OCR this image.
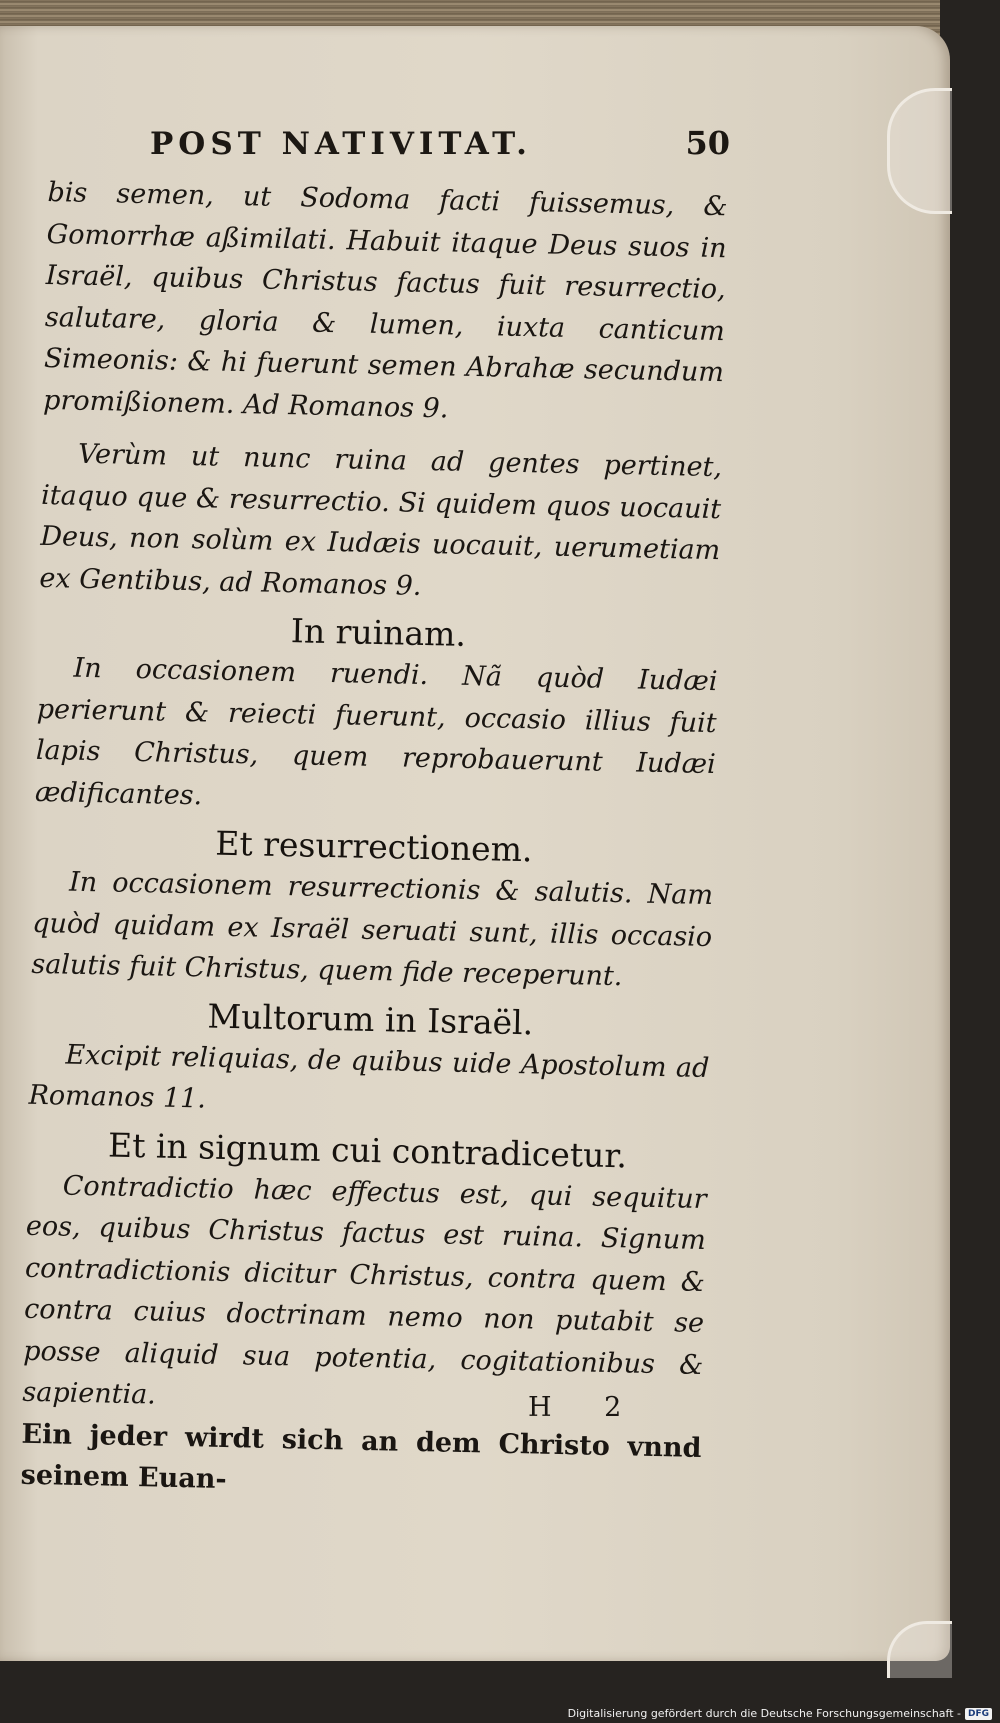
POST NATIVITAT.	50

bis semen, ut Sodoma facti fuissemus, & Gomorrhæ aßimilati. Habuit itaque Deus suos in Israël, quibus Christus factus fuit resurrectio, salutare, gloria & lumen, iuxta canticum Simeonis: & hi fuerunt semen Abrahæ secundum promißionem. Ad Romanos 9.

Verùm ut nunc ruina ad gentes pertinet, itaquo que & resurrectio. Si quidem quos uocauit Deus, non solùm ex Iudæis uocauit, uerumetiam ex Gentibus, ad Romanos 9.

In ruinam.

In occasionem ruendi. Nã quòd Iudæi perierunt & reiecti fuerunt, occasio illius fuit lapis Christus, quem reprobauerunt Iudæi ædificantes.

Et resurrectionem.

In occasionem resurrectionis & salutis. Nam quòd quidam ex Israël seruati sunt, illis occasio salutis fuit Christus, quem fide receperunt.

Multorum in Israël.

Excipit reliquias, de quibus uide Apostolum ad Romanos 11.

Et in signum cui contradicetur.

Contradictio hæc effectus est, qui sequitur eos, quibus Christus factus est ruina. Signum contradictionis dicitur Christus, contra quem & contra cuius doctrinam nemo non putabit se posse aliquid sua potentia, cogitationibus & sapientia.

Ein jeder wirdt sich an dem Christo vnnd seinem Euan-

H 2
Digitalisierung gefördert durch die Deutsche Forschungsgemeinschaft - DFG
